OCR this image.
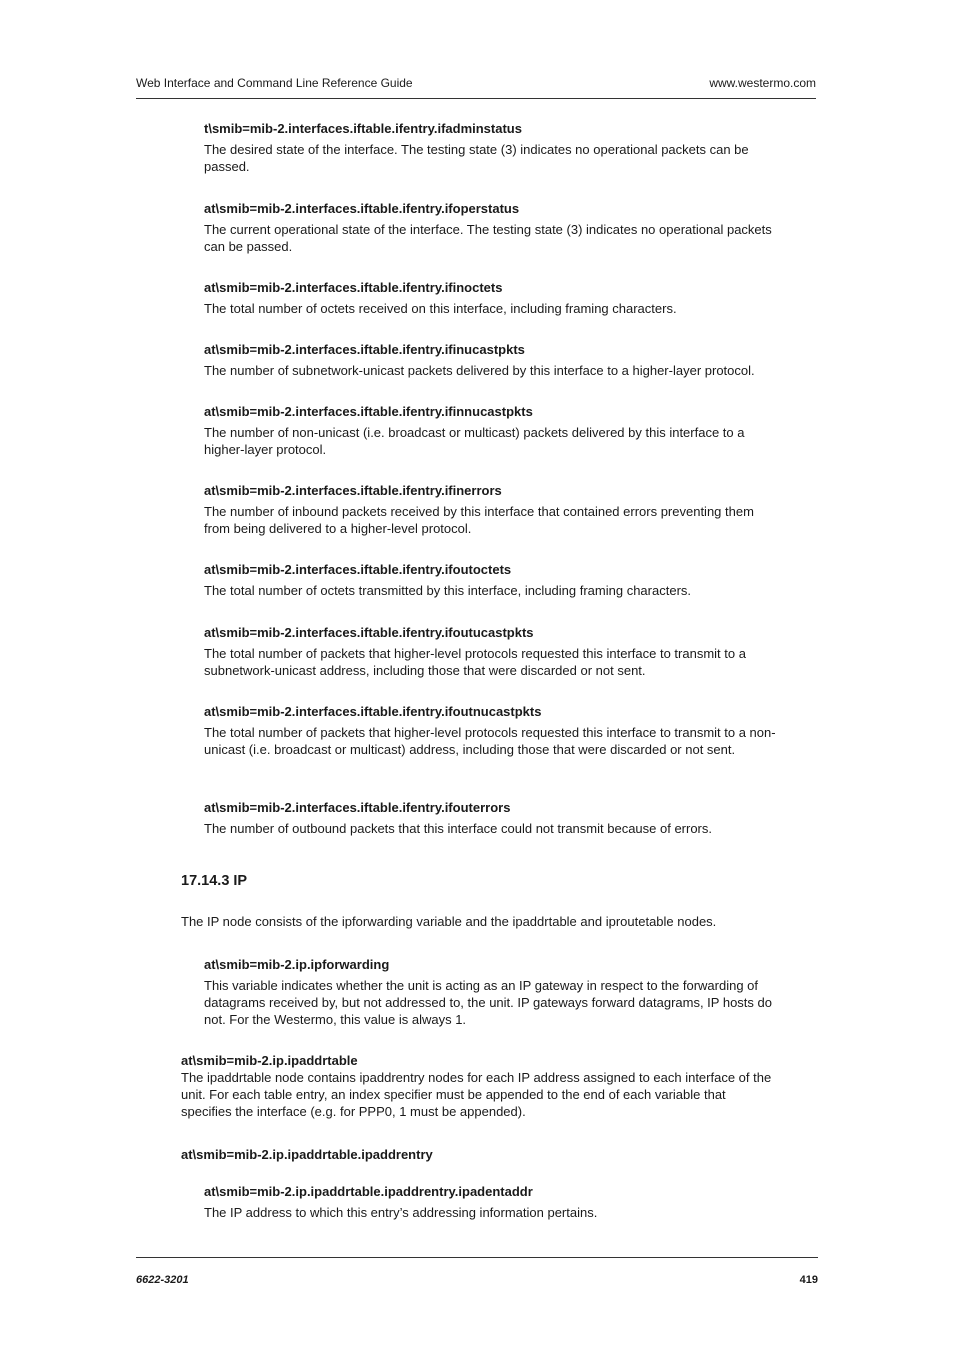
Web Interface and Command Line Reference Guide	www.westermo.com

t\smib=mib-2.interfaces.iftable.ifentry.ifadminstatus

The desired state of the interface. The testing state (3) indicates no operational packets can be passed.

at\smib=mib-2.interfaces.iftable.ifentry.ifoperstatus

The current operational state of the interface. The testing state (3) indicates no operational packets can be passed.

at\smib=mib-2.interfaces.iftable.ifentry.ifinoctets

The total number of octets received on this interface, including framing characters.

at\smib=mib-2.interfaces.iftable.ifentry.ifinucastpkts

The number of subnetwork-unicast packets delivered by this interface to a higher-layer protocol.

at\smib=mib-2.interfaces.iftable.ifentry.ifinnucastpkts

The number of non-unicast (i.e. broadcast or multicast) packets delivered by this interface to a higher-layer protocol.

at\smib=mib-2.interfaces.iftable.ifentry.ifinerrors

The number of inbound packets received by this interface that contained errors preventing them from being delivered to a higher-level protocol.

at\smib=mib-2.interfaces.iftable.ifentry.ifoutoctets

The total number of octets transmitted by this interface, including framing characters.

at\smib=mib-2.interfaces.iftable.ifentry.ifoutucastpkts

The total number of packets that higher-level protocols requested this interface to transmit to a subnetwork-unicast address, including those that were discarded or not sent.

at\smib=mib-2.interfaces.iftable.ifentry.ifoutnucastpkts

The total number of packets that higher-level protocols requested this interface to transmit to a non-unicast (i.e. broadcast or multicast) address, including those that were discarded or not sent.

at\smib=mib-2.interfaces.iftable.ifentry.ifouterrors

The number of outbound packets that this interface could not transmit because of errors.

17.14.3 IP
The IP node consists of the ipforwarding variable and the ipaddrtable and iproutetable nodes.

at\smib=mib-2.ip.ipforwarding

This variable indicates whether the unit is acting as an IP gateway in respect to the forwarding of datagrams received by, but not addressed to, the unit. IP gateways forward datagrams, IP hosts do not. For the Westermo, this value is always 1.

at\smib=mib-2.ip.ipaddrtable

The ipaddrtable node contains ipaddrentry nodes for each IP address assigned to each interface of the unit. For each table entry, an index specifier must be appended to the end of each variable that specifies the interface (e.g. for PPP0, 1 must be appended).

at\smib=mib-2.ip.ipaddrtable.ipaddrentry

at\smib=mib-2.ip.ipaddrtable.ipaddrentry.ipadentaddr

The IP address to which this entry’s addressing information pertains.

6622-3201	419
